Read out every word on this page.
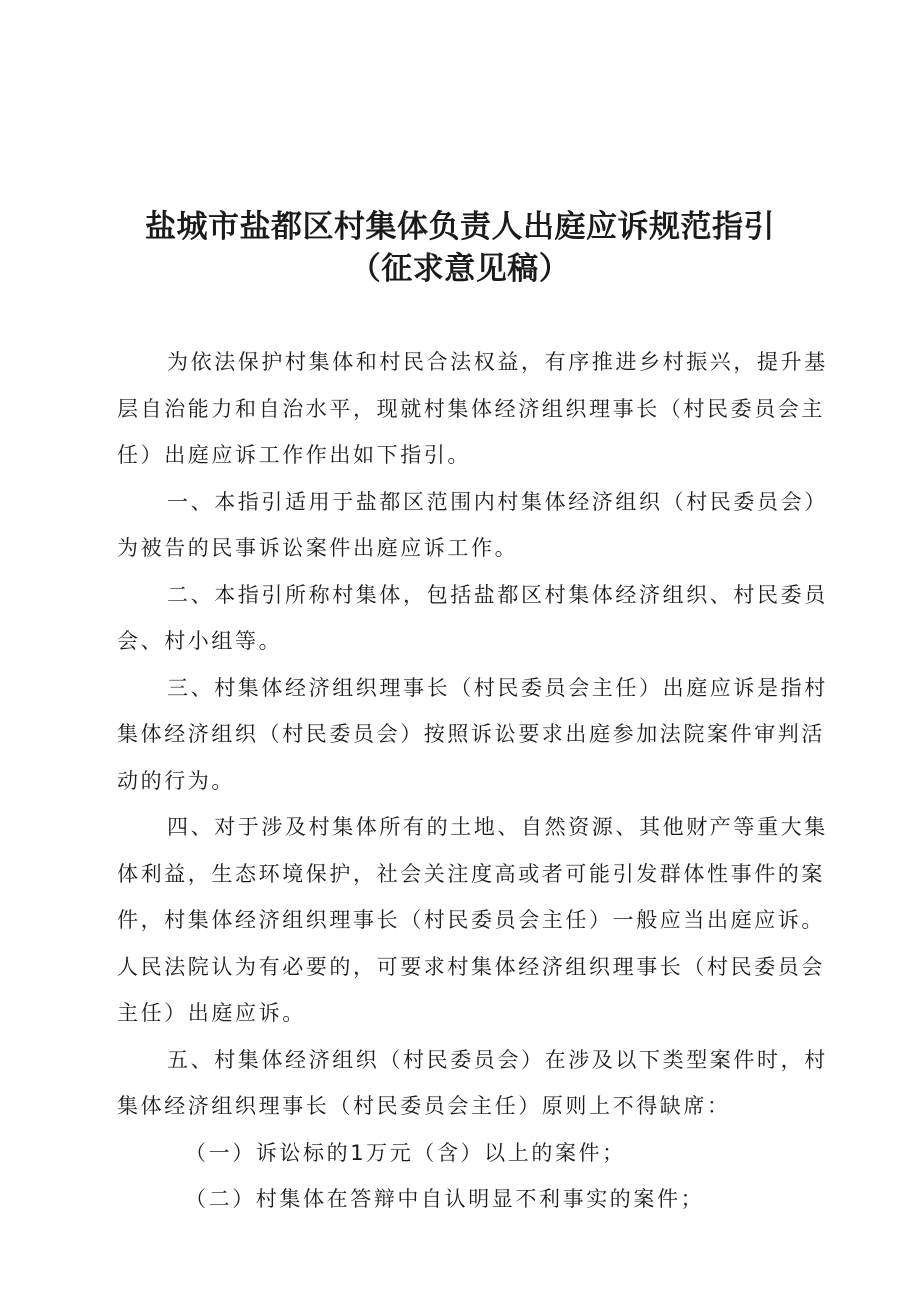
盐城市盐都区村集体负责人出庭应诉规范指引
（征求意见稿）

为依法保护村集体和村民合法权益，有序推进乡村振兴，提升基
层自治能力和自治水平，现就村集体经济组织理事长（村民委员会主
任）出庭应诉工作作出如下指引。

一、本指引适用于盐都区范围内村集体经济组织（村民委员会）
为被告的民事诉讼案件出庭应诉工作。

二、本指引所称村集体，包括盐都区村集体经济组织、村民委员
会、村小组等。

三、村集体经济组织理事长（村民委员会主任）出庭应诉是指村
集体经济组织（村民委员会）按照诉讼要求出庭参加法院案件审判活
动的行为。

四、对于涉及村集体所有的土地、自然资源、其他财产等重大集
体利益，生态环境保护，社会关注度高或者可能引发群体性事件的案
件，村集体经济组织理事长（村民委员会主任）一般应当出庭应诉。
人民法院认为有必要的，可要求村集体经济组织理事长（村民委员会
主任）出庭应诉。

五、村集体经济组织（村民委员会）在涉及以下类型案件时，村
集体经济组织理事长（村民委员会主任）原则上不得缺席：

（一）诉讼标的1万元（含）以上的案件；

（二）村集体在答辩中自认明显不利事实的案件；
